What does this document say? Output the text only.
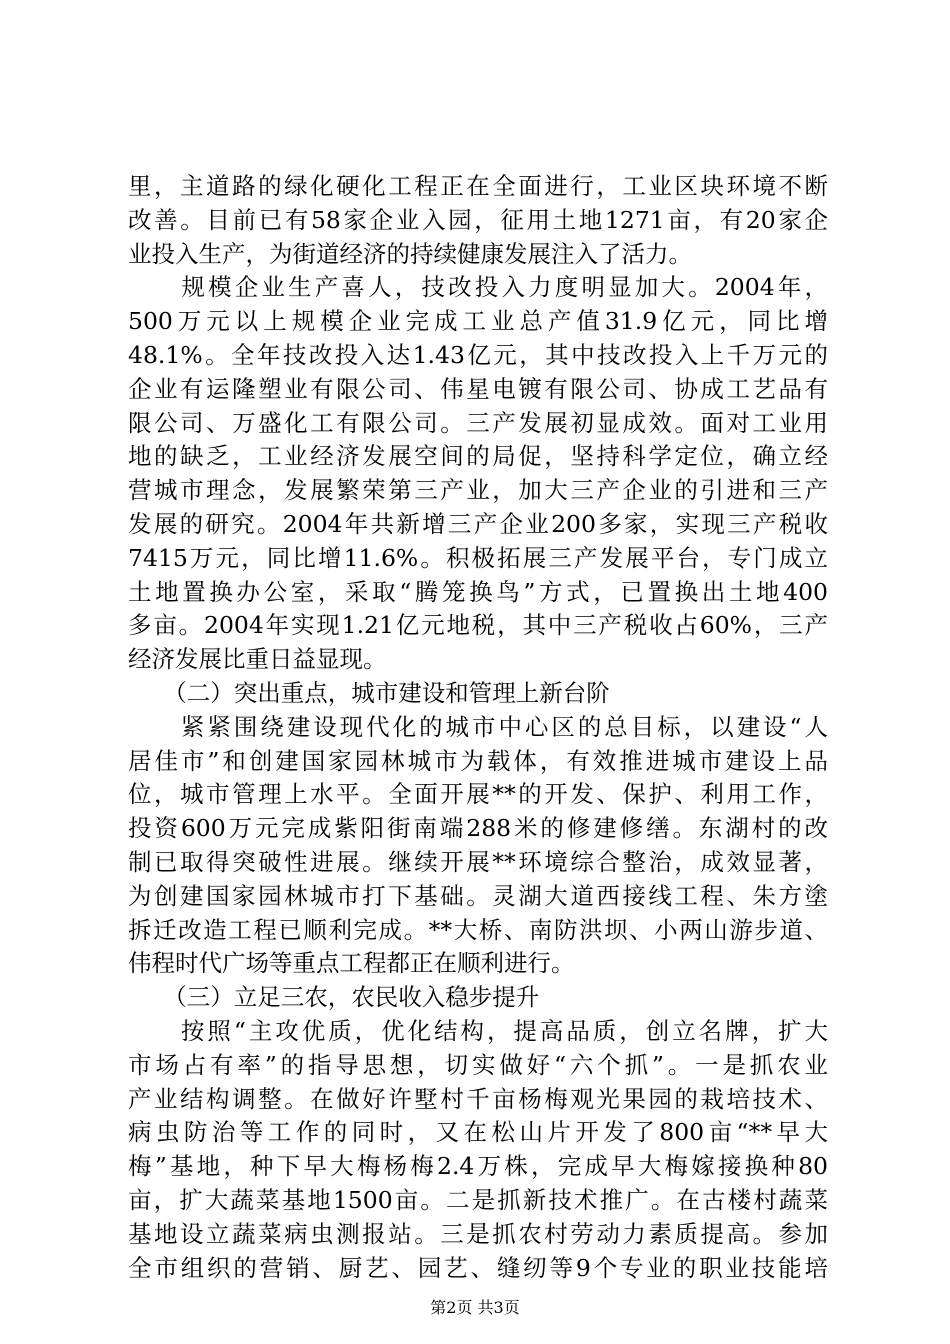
里，主道路的绿化硬化工程正在全面进行，工业区块环境不断
改善。目前已有58家企业入园，征用土地1271亩，有20家企
业投入生产，为街道经济的持续健康发展注入了活力。
　　规模企业生产喜人，技改投入力度明显加大。2004年，
500万元以上规模企业完成工业总产值31.9亿元，同比增
48.1%。全年技改投入达1.43亿元，其中技改投入上千万元的
企业有运隆塑业有限公司、伟星电镀有限公司、协成工艺品有
限公司、万盛化工有限公司。三产发展初显成效。面对工业用
地的缺乏，工业经济发展空间的局促，坚持科学定位，确立经
营城市理念，发展繁荣第三产业，加大三产企业的引进和三产
发展的研究。2004年共新增三产企业200多家，实现三产税收
7415万元，同比增11.6%。积极拓展三产发展平台，专门成立
土地置换办公室，采取“腾笼换鸟”方式，已置换出土地400
多亩。2004年实现1.21亿元地税，其中三产税收占60%，三产
经济发展比重日益显现。
　　（二）突出重点，城市建设和管理上新台阶
　　紧紧围绕建设现代化的城市中心区的总目标，以建设“人
居佳市”和创建国家园林城市为载体，有效推进城市建设上品
位，城市管理上水平。全面开展**的开发、保护、利用工作，
投资600万元完成紫阳街南端288米的修建修缮。东湖村的改
制已取得突破性进展。继续开展**环境综合整治，成效显著，
为创建国家园林城市打下基础。灵湖大道西接线工程、朱方塗
拆迁改造工程已顺利完成。**大桥、南防洪坝、小两山游步道、
伟程时代广场等重点工程都正在顺利进行。
　　（三）立足三农，农民收入稳步提升
　　按照“主攻优质，优化结构，提高品质，创立名牌，扩大
市场占有率”的指导思想，切实做好“六个抓”。一是抓农业
产业结构调整。在做好许墅村千亩杨梅观光果园的栽培技术、
病虫防治等工作的同时，又在松山片开发了800亩“**早大
梅”基地，种下早大梅杨梅2.4万株，完成早大梅嫁接换种80
亩，扩大蔬菜基地1500亩。二是抓新技术推广。在古楼村蔬菜
基地设立蔬菜病虫测报站。三是抓农村劳动力素质提高。参加
全市组织的营销、厨艺、园艺、缝纫等9个专业的职业技能培
第2页 共3页
